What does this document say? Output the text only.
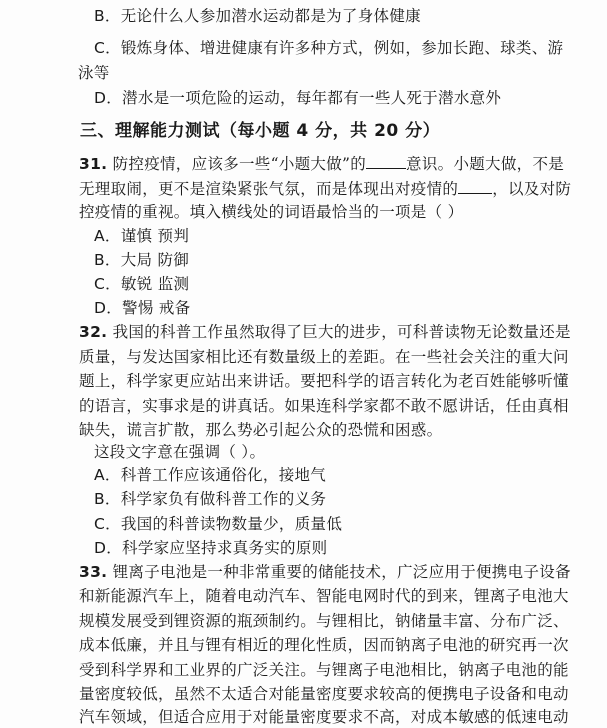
B．无论什么人参加潜水运动都是为了身体健康
C．锻炼身体、增进健康有许多种方式，例如，参加长跑、球类、游
泳等
D．潜水是一项危险的运动，每年都有一些人死于潜水意外
三、理解能力测试（每小题 4 分，共 20 分）
31. 防控疫情，应该多一些“小题大做”的	意识。小题大做，不是
无理取闹，更不是渲染紧张气氛，而是体现出对疫情的 ，以及对防
控疫情的重视。填入横线处的词语最恰当的一项是（ ）
A．谨慎 预判
B．大局 防御
C．敏锐 监测
D．警惕 戒备
32. 我国的科普工作虽然取得了巨大的进步，可科普读物无论数量还是
质量，与发达国家相比还有数量级上的差距。在一些社会关注的重大问
题上，科学家更应站出来讲话。要把科学的语言转化为老百姓能够听懂
的语言，实事求是的讲真话。如果连科学家都不敢不愿讲话，任由真相
缺失，谎言扩散，那么势必引起公众的恐慌和困惑。
这段文字意在强调（ ）。
A．科普工作应该通俗化，接地气
B．科学家负有做科普工作的义务
C．我国的科普读物数量少，质量低
D．科学家应坚持求真务实的原则
33. 锂离子电池是一种非常重要的储能技术，广泛应用于便携电子设备
和新能源汽车上，随着电动汽车、智能电网时代的到来，锂离子电池大
规模发展受到锂资源的瓶颈制约。与锂相比，钠储量丰富、分布广泛、
成本低廉，并且与锂有相近的理化性质，因而钠离子电池的研究再一次
受到科学界和工业界的广泛关注。与锂离子电池相比，钠离子电池的能
量密度较低，虽然不太适合对能量密度要求较高的便携电子设备和电动
汽车领域，但适合应用于对能量密度要求不高，对成本敏感的低速电动
